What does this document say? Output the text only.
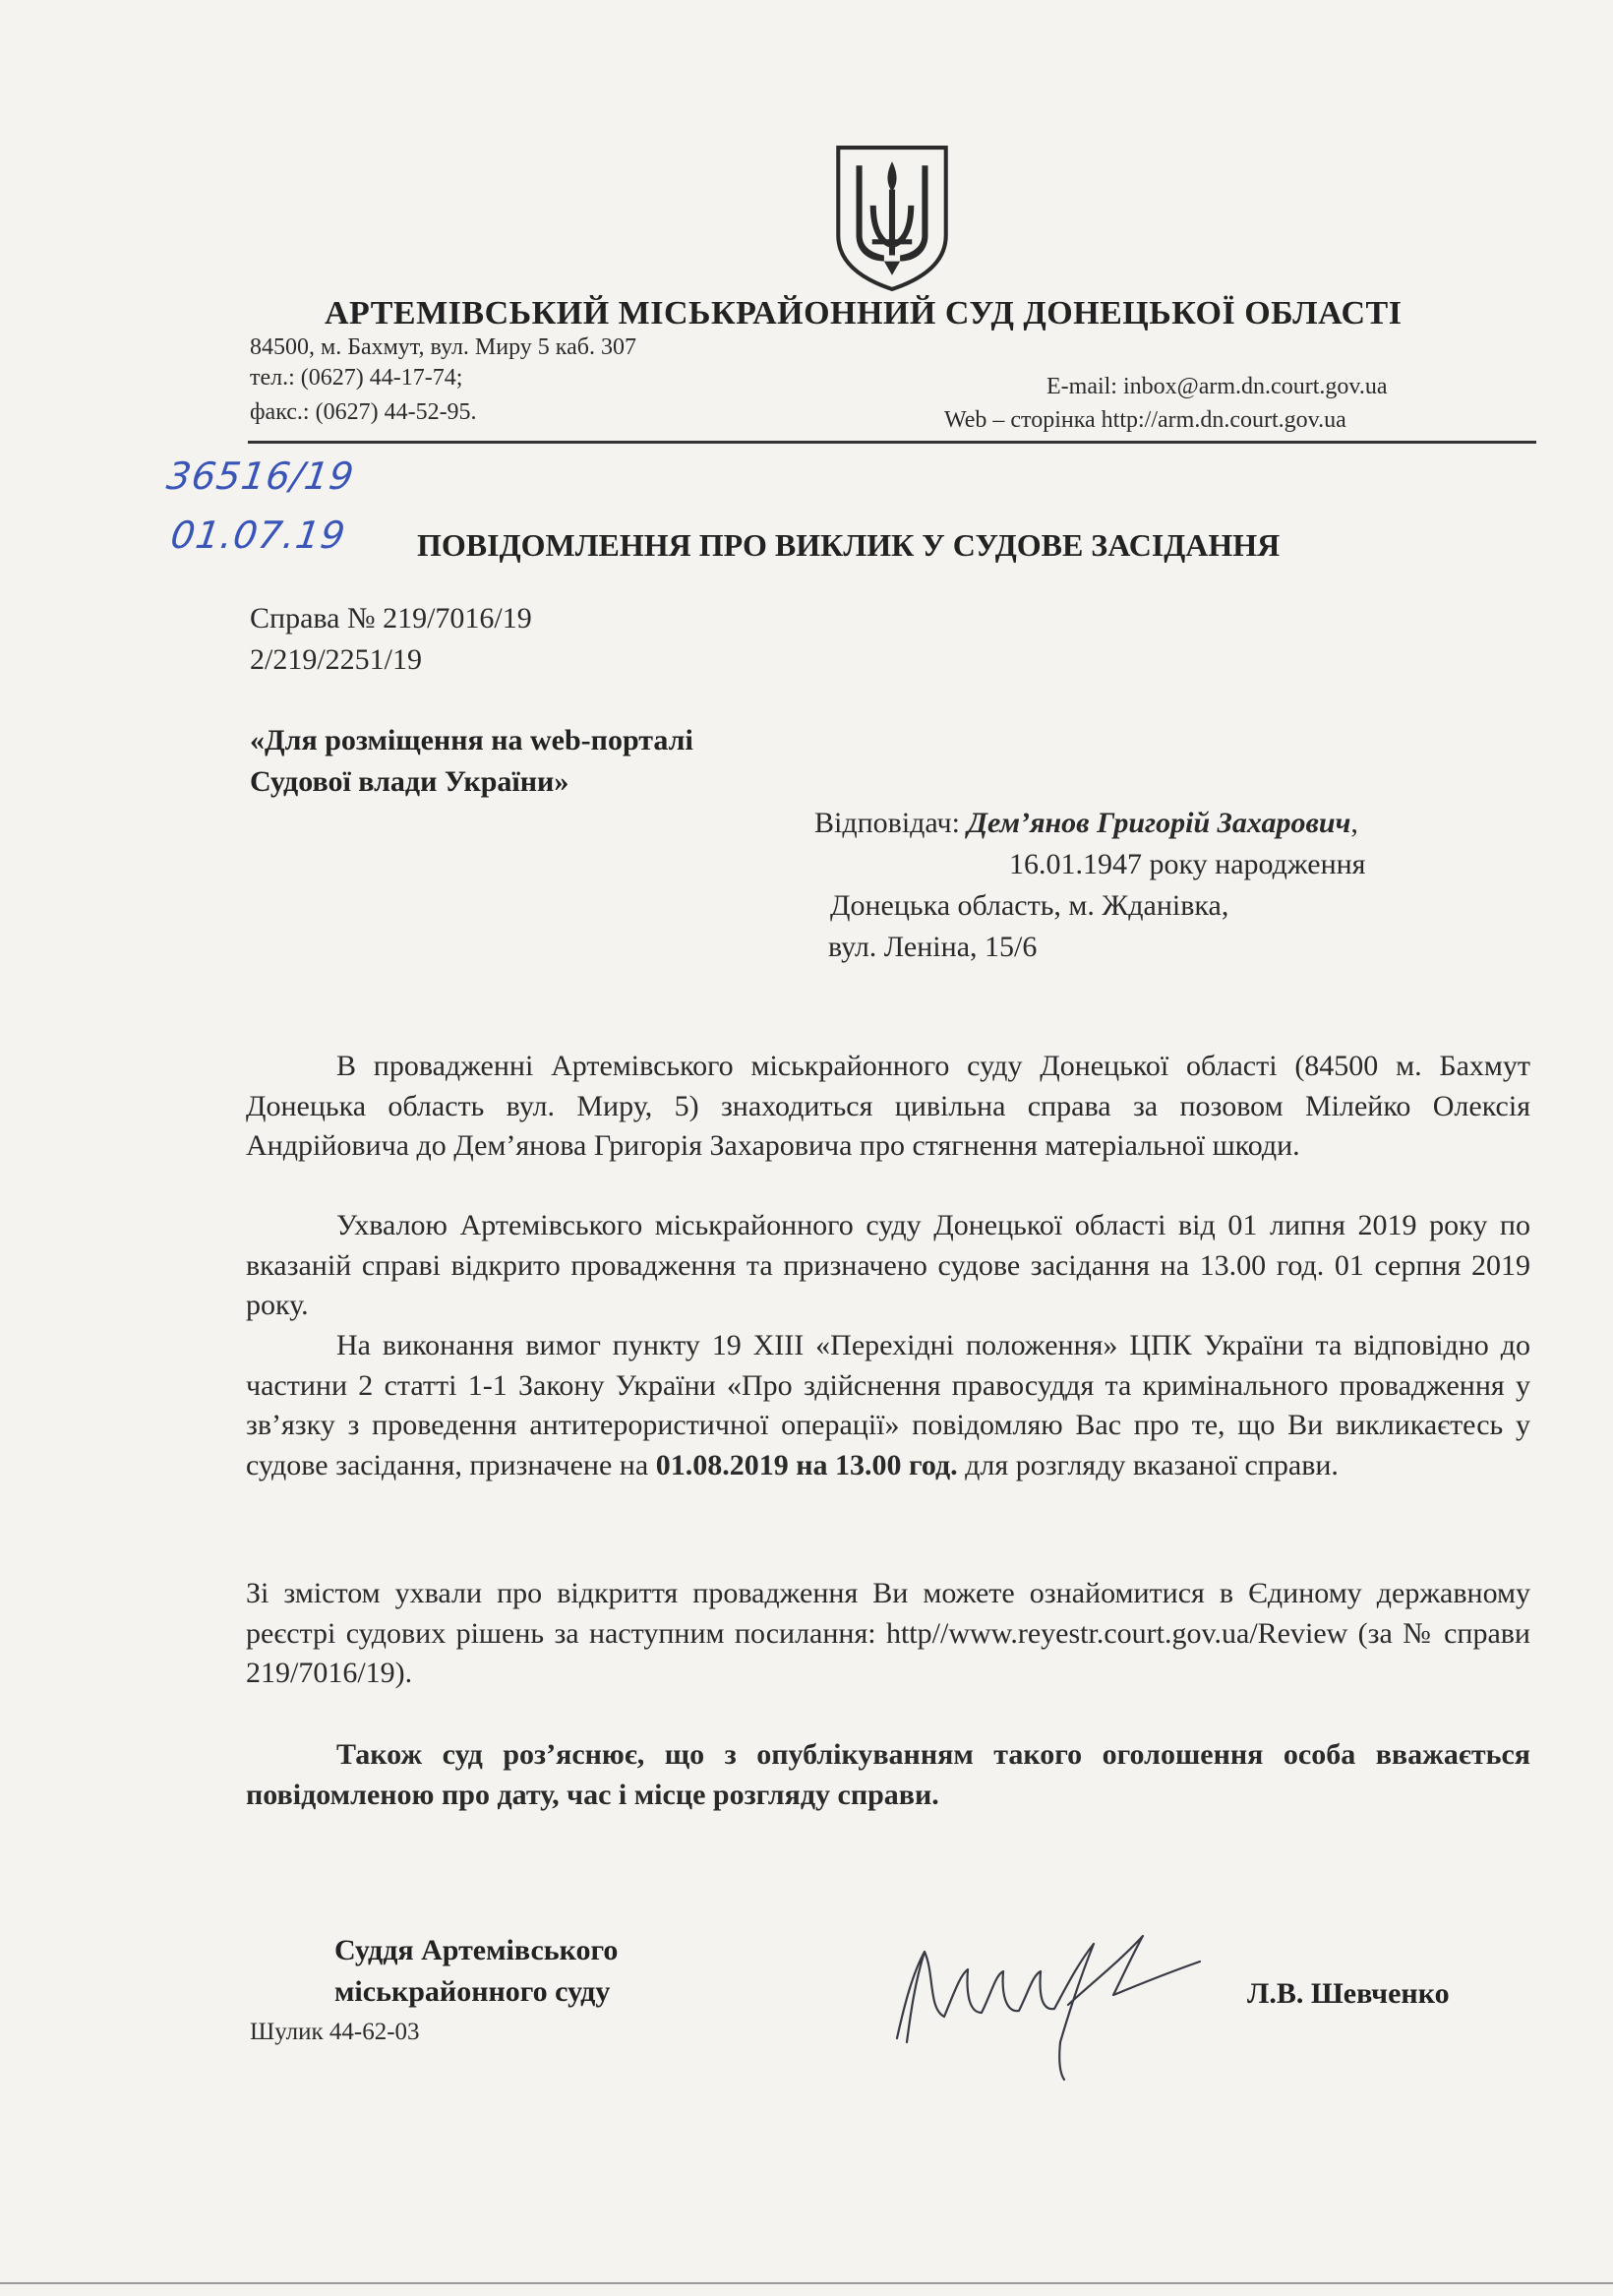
АРТЕМІВСЬКИЙ МІСЬКРАЙОННИЙ СУД ДОНЕЦЬКОЇ ОБЛАСТІ
84500, м. Бахмут, вул. Миру 5 каб. 307
тел.: (0627) 44-17-74;
факс.: (0627) 44-52-95.
E-mail: inbox@arm.dn.court.gov.ua
Web – сторінка http://arm.dn.court.gov.ua
36516/19
01.07.19 ПОВІДОМЛЕННЯ ПРО ВИКЛИК У СУДОВЕ ЗАСІДАННЯ
Справа № 219/7016/19
2/219/2251/19
«Для розміщення на web-порталі
Судової влади України»
Відповідач: Дем’янов Григорій Захарович,
16.01.1947 року народження
Донецька область, м. Жданівка,
вул. Леніна, 15/6

В провадженні Артемівського міськрайонного суду Донецької області (84500 м. Бахмут Донецька область вул. Миру, 5) знаходиться цивільна справа за позовом Мілейко Олексія Андрійовича до Дем’янова Григорія Захаровича про стягнення матеріальної шкоди.

Ухвалою Артемівського міськрайонного суду Донецької області від 01 липня 2019 року по вказаній справі відкрито провадження та призначено судове засідання на 13.00 год. 01 серпня 2019 року.

На виконання вимог пункту 19 ХIII «Перехідні положення» ЦПК України та відповідно до частини 2 статті 1-1 Закону України «Про здійснення правосуддя та кримінального провадження у зв’язку з проведення антитерористичної операції» повідомляю Вас про те, що Ви викликаєтесь у судове засідання, призначене на 01.08.2019 на 13.00 год. для розгляду вказаної справи.

Зі змістом ухвали про відкриття провадження Ви можете ознайомитися в Єдиному державному реєстрі судових рішень за наступним посилання: http//www.reyestr.court.gov.ua/Review (за № справи 219/7016/19).

Також суд роз’яснює, що з опублікуванням такого оголошення особа вважається повідомленою про дату, час і місце розгляду справи.

Суддя Артемівського
міськрайонного суду
Шулик 44-62-03
Л.В. Шевченко
